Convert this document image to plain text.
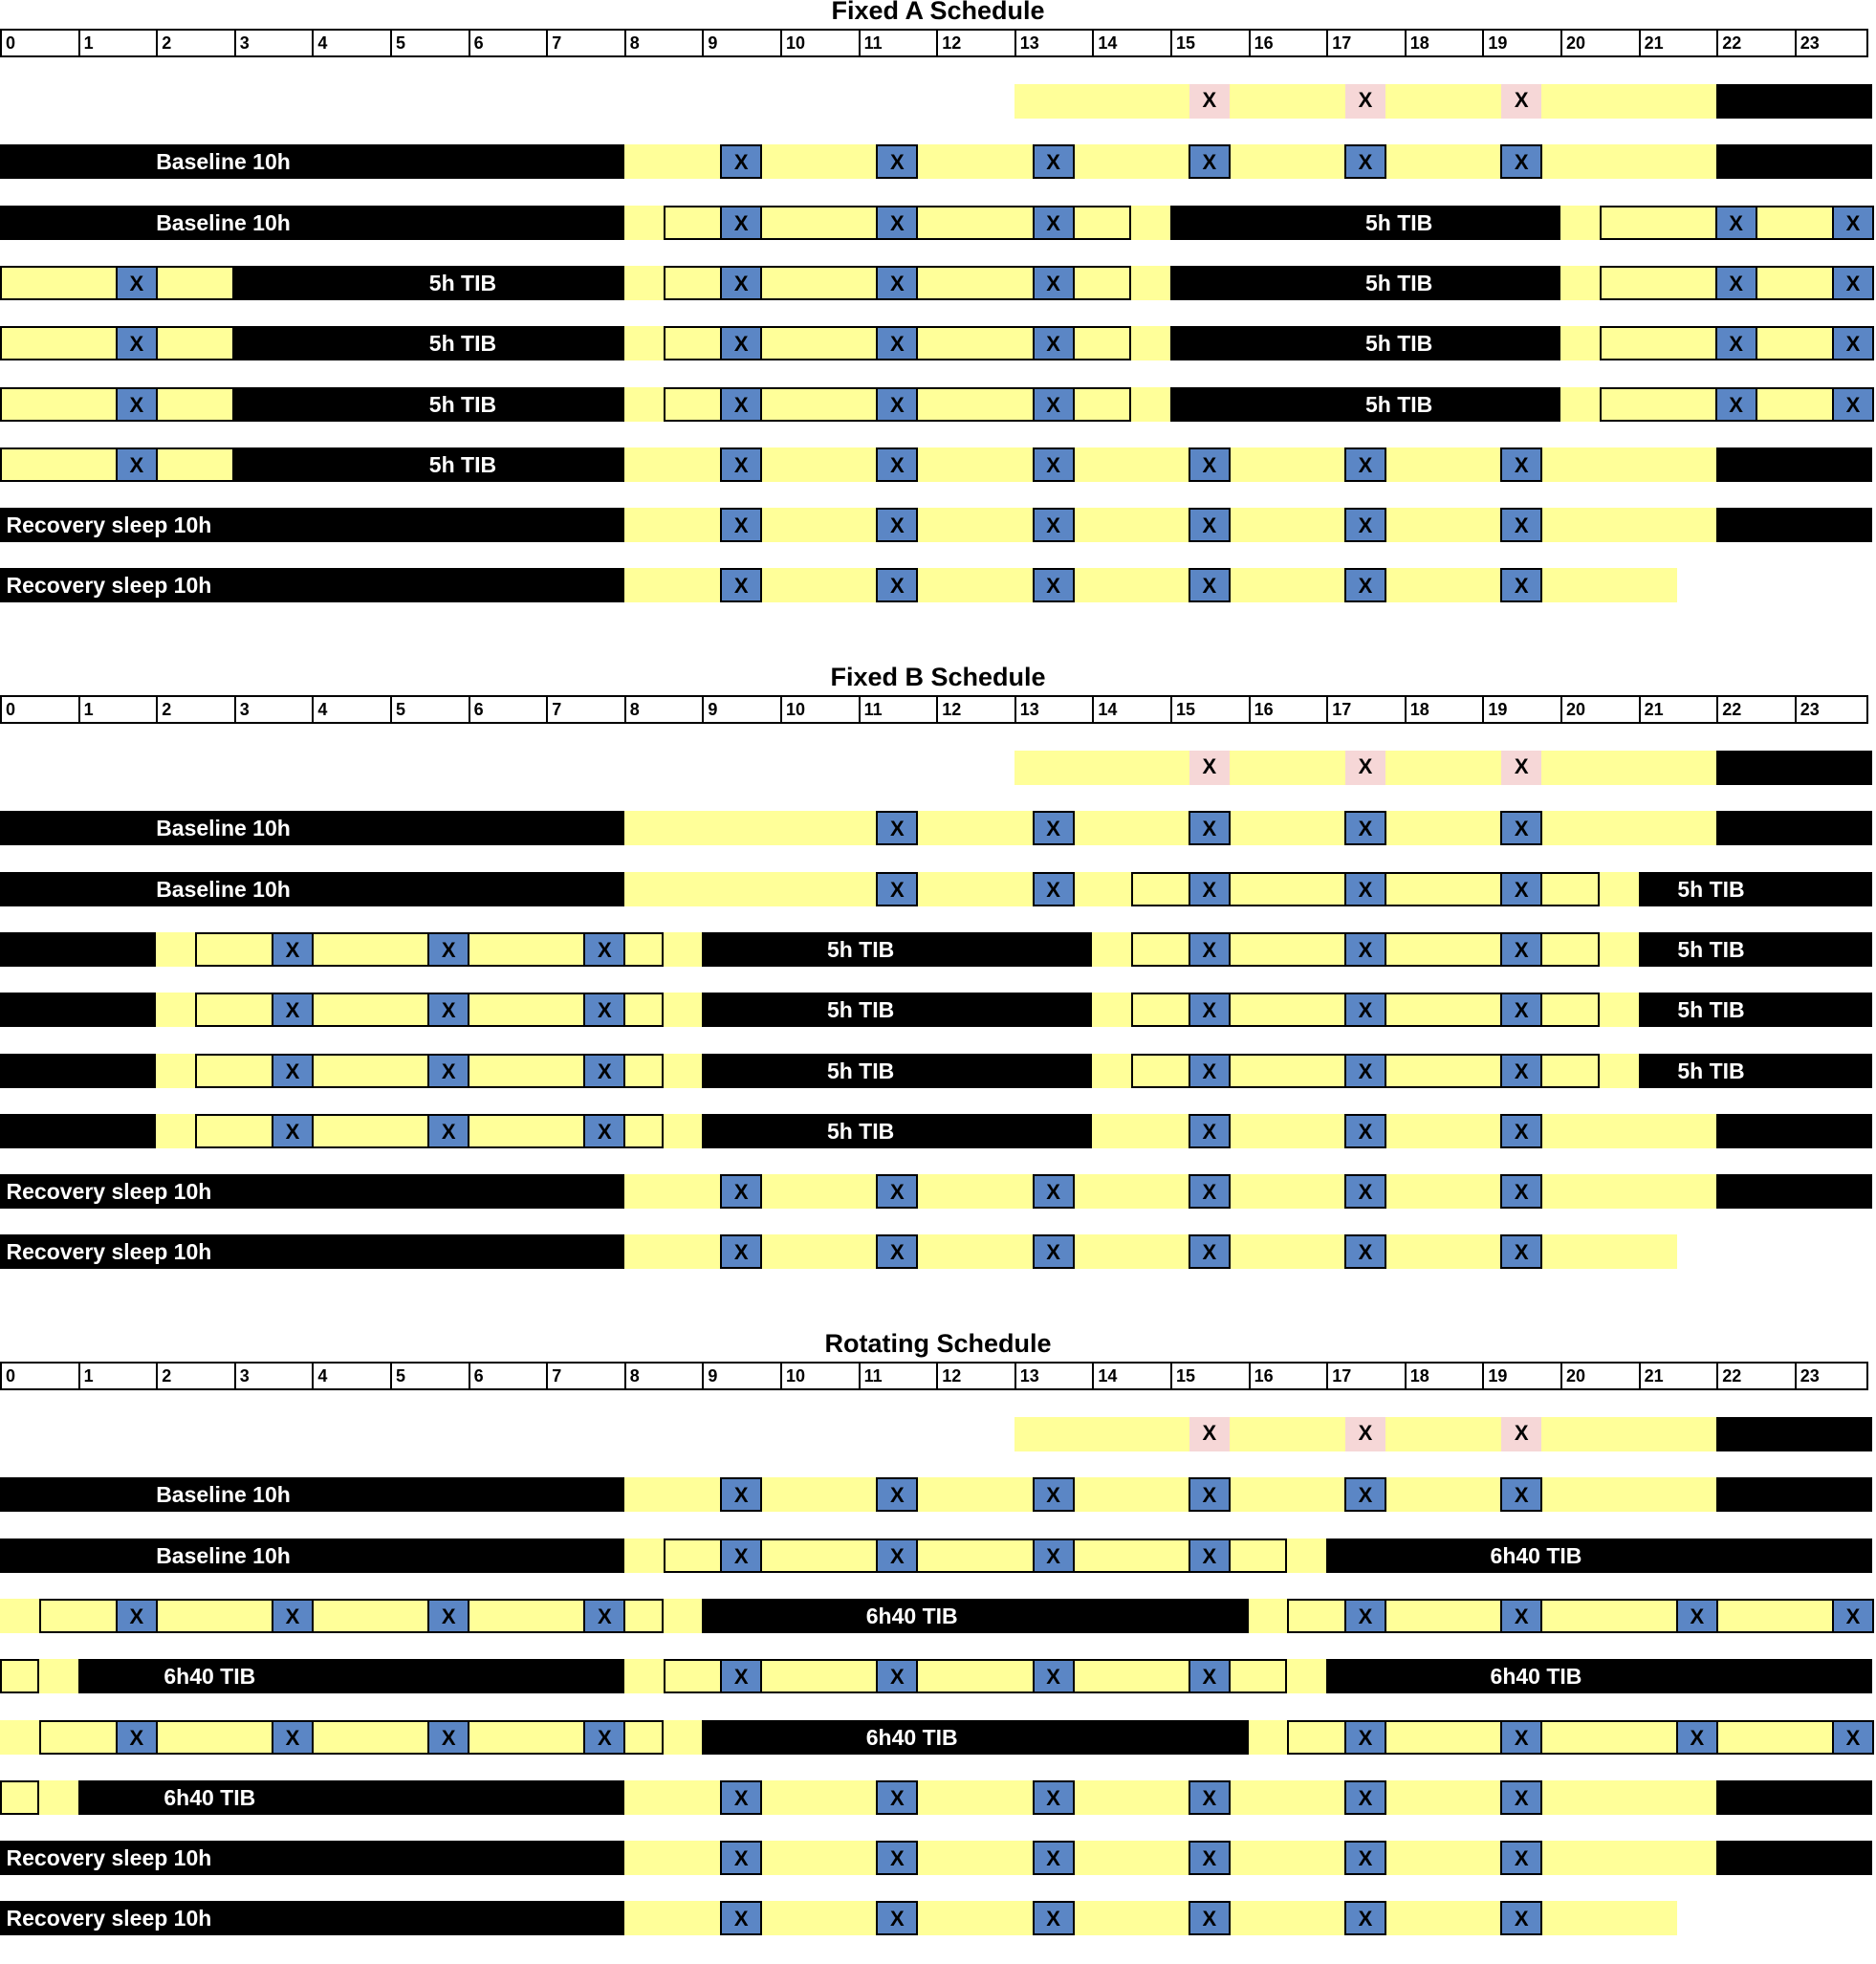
Fixed A Schedule
0	1	2	3	4	5	6	7	8	9	10	11	12	13	14	15	16	17	18	19	20	21	22	23
X	X	X
X	X	X	X	X	X
Baseline 10h
X	X	X	X	X
Baseline 10h	5h TIB
X	X	X	X	X	X
5h TIB	5h TIB
X	X	X	X	X	X
5h TIB	5h TIB
X	X	X	X	X	X
5h TIB	5h TIB
X	X	X	X	X	X	X
5h TIB
X	X	X	X	X	X
Recovery sleep 10h
X	X	X	X	X	X
Recovery sleep 10h
Fixed B Schedule
0	1	2	3	4	5	6	7	8	9	10	11	12	13	14	15	16	17	18	19	20	21	22	23
X	X	X
X	X	X	X	X
Baseline 10h
X	X	X	X	X
Baseline 10h	5h TIB
X	X	X	X	X	X
5h TIB	5h TIB
X	X	X	X	X	X
5h TIB	5h TIB
X	X	X	X	X	X
5h TIB	5h TIB
X	X	X	X	X	X
5h TIB
X	X	X	X	X	X
Recovery sleep 10h
X	X	X	X	X	X
Recovery sleep 10h
Rotating Schedule
0	1	2	3	4	5	6	7	8	9	10	11	12	13	14	15	16	17	18	19	20	21	22	23
X	X	X
X	X	X	X	X	X
Baseline 10h
X	X	X	X
Baseline 10h	6h40 TIB
X	X	X	X	X	X	X	X
6h40 TIB
X	X	X	X
6h40 TIB	6h40 TIB
X	X	X	X	X	X	X	X
6h40 TIB
X	X	X	X	X	X
6h40 TIB
X	X	X	X	X	X
Recovery sleep 10h
X	X	X	X	X	X
Recovery sleep 10h
